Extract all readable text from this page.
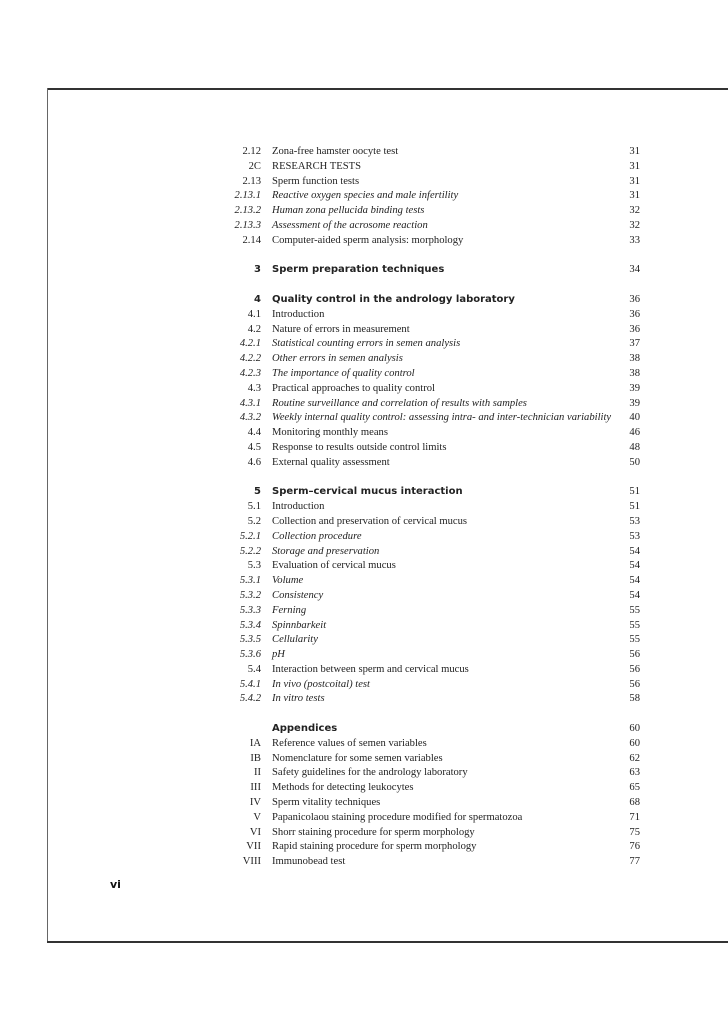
2.12 Zona-free hamster oocyte test	31
2C RESEARCH TESTS	31
2.13 Sperm function tests	31
2.13.1 Reactive oxygen species and male infertility	31
2.13.2 Human zona pellucida binding tests	32
2.13.3 Assessment of the acrosome reaction	32
2.14 Computer-aided sperm analysis: morphology	33
3 Sperm preparation techniques	34
4 Quality control in the andrology laboratory	36
4.1 Introduction	36
4.2 Nature of errors in measurement	36
4.2.1 Statistical counting errors in semen analysis	37
4.2.2 Other errors in semen analysis	38
4.2.3 The importance of quality control	38
4.3 Practical approaches to quality control	39
4.3.1 Routine surveillance and correlation of results with samples	39
4.3.2 Weekly internal quality control: assessing intra- and inter-technician variability 40
4.4 Monitoring monthly means	46
4.5 Response to results outside control limits	48
4.6 External quality assessment	50
5 Sperm–cervical mucus interaction	51
5.1 Introduction	51
5.2 Collection and preservation of cervical mucus	53
5.2.1 Collection procedure	53
5.2.2 Storage and preservation	54
5.3 Evaluation of cervical mucus	54
5.3.1 Volume	54
5.3.2 Consistency	54
5.3.3 Ferning	55
5.3.4 Spinnbarkeit	55
5.3.5 Cellularity	55
5.3.6 pH	56
5.4 Interaction between sperm and cervical mucus	56
5.4.1 In vivo (postcoital) test	56
5.4.2 In vitro tests	58
Appendices	60
IA Reference values of semen variables	60
IB Nomenclature for some semen variables	62
II Safety guidelines for the andrology laboratory	63
III Methods for detecting leukocytes	65
IV Sperm vitality techniques	68
V Papanicolaou staining procedure modified for spermatozoa	71
VI Shorr staining procedure for sperm morphology	75
VII Rapid staining procedure for sperm morphology	76
VIII Immunobead test	77
vi
